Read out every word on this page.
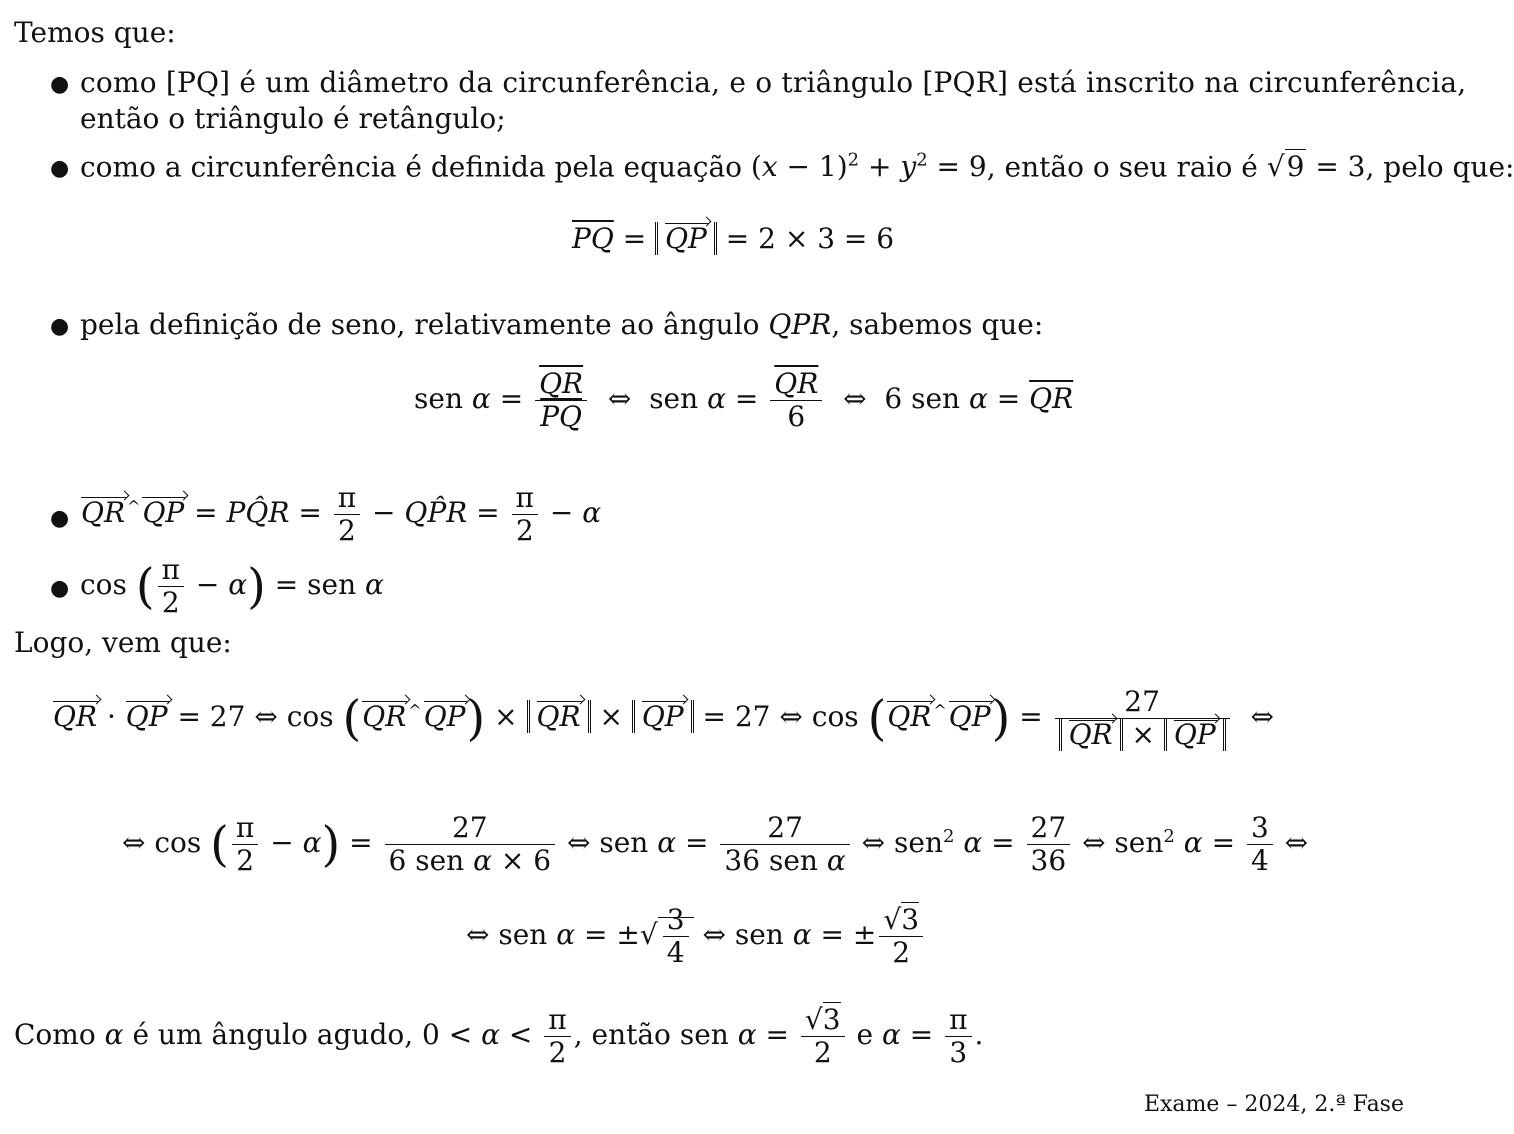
Temos que:
● como [PQ] é um diâmetro da circunferência, e o triângulo [PQR] está inscrito na circunferência,
então o triângulo é retângulo;
● como a circunferência é definida pela equação $(x - 1)^2 + y^2 = 9$, então o seu raio é √9 = 3, pelo que:
$\overline{PQ}$ = QP = 2 × 3 = 6
● pela definição de seno, relativamente ao ângulo QPR, sabemos que:
sen $\alpha = \frac{\overline{QR}}{PQ}$ ⇔  sen $\alpha = \frac{\overline{QR}}{6}$ ⇔  6 sen $\alpha = \overline{QR}$
● QR ^QP = PQ̂R = $\frac{\pi}{2}$ − QP̂R = $\frac{\pi}{2} - \alpha$
● cos ( $\frac{\pi}{2} - \alpha$) = sen α
Logo, vem que:
QR · QP = 27 ⇔ cos (QR ^QP) × QR × QP = 27 ⇔ cos (QR $^{\^{}}QP) = \frac{27}{QR \times QP}$ ⇔
⇔ cos ( $\frac{\pi}{2} - \alpha) = \frac{27}{\text{6 sen α × 6}}$ ⇔ sen $\alpha = \frac{27}{\text{36 sen α}}$ ⇔ sen$^2$ $\alpha = \frac{27}{36}$ ⇔ sen$^2$ $\alpha = \frac{3}{4}$ ⇔
⇔ sen α = ±√ $\frac{3}{4}$ ⇔ sen α = ± $\frac{√3}{2}$
Como α é um ângulo agudo, $0 < \alpha < \frac{\pi}{2}$ , então sen $\alpha = \frac{√3}{2}$ e $\alpha = \frac{\pi}{3}$ .
Exame – 2024, 2.ª Fase
